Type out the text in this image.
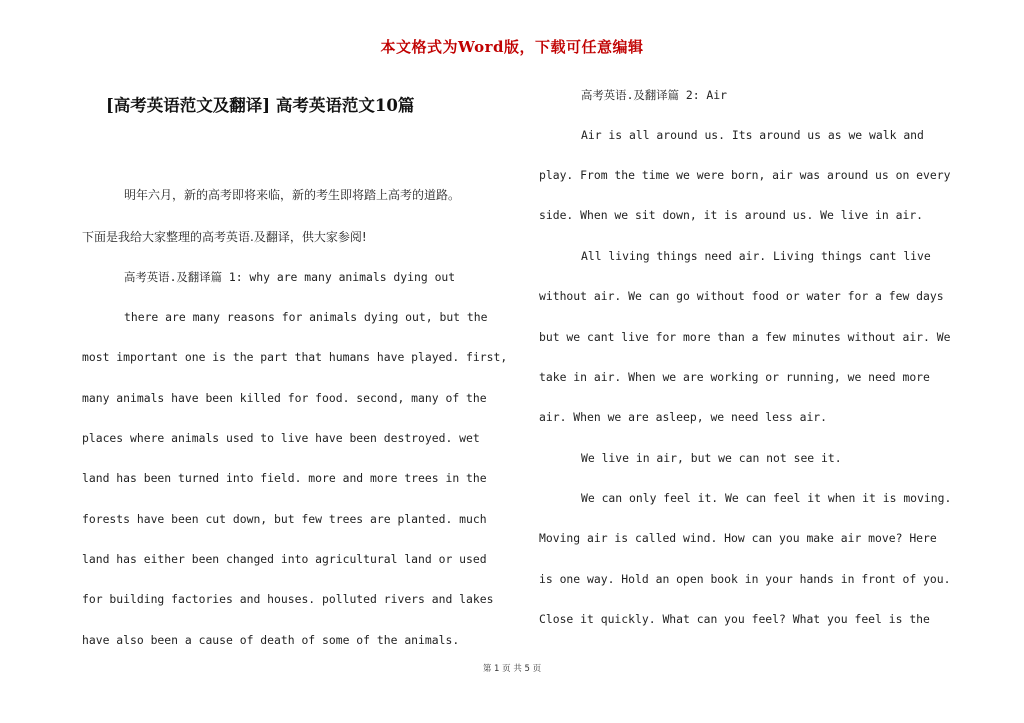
本文格式为Word版，下载可任意编辑
[高考英语范文及翻译] 高考英语范文10篇
明年六月，新的高考即将来临，新的考生即将踏上高考的道路。
下面是我给大家整理的高考英语.及翻译，供大家参阅!
高考英语.及翻译篇 1: why are many animals dying out
there are many reasons for animals dying out, but the
most important one is the part that humans have played. first,
many animals have been killed for food. second, many of the
places where animals used to live have been destroyed. wet
land has been turned into field. more and more trees in the
forests have been cut down, but few trees are planted. much
land has either been changed into agricultural land or used
for building factories and houses. polluted rivers and lakes
have also been a cause of death of some of the animals.
高考英语.及翻译篇 2: Air
Air is all around us. Its around us as we walk and
play. From the time we were born, air was around us on every
side. When we sit down, it is around us. We live in air.
All living things need air. Living things cant live
without air. We can go without food or water for a few days
but we cant live for more than a few minutes without air. We
take in air. When we are working or running, we need more
air. When we are asleep, we need less air.
We live in air, but we can not see it.
We can only feel it. We can feel it when it is moving.
Moving air is called wind. How can you make air move? Here
is one way. Hold an open book in your hands in front of you.
Close it quickly. What can you feel? What you feel is the
第 1 页 共 5 页
